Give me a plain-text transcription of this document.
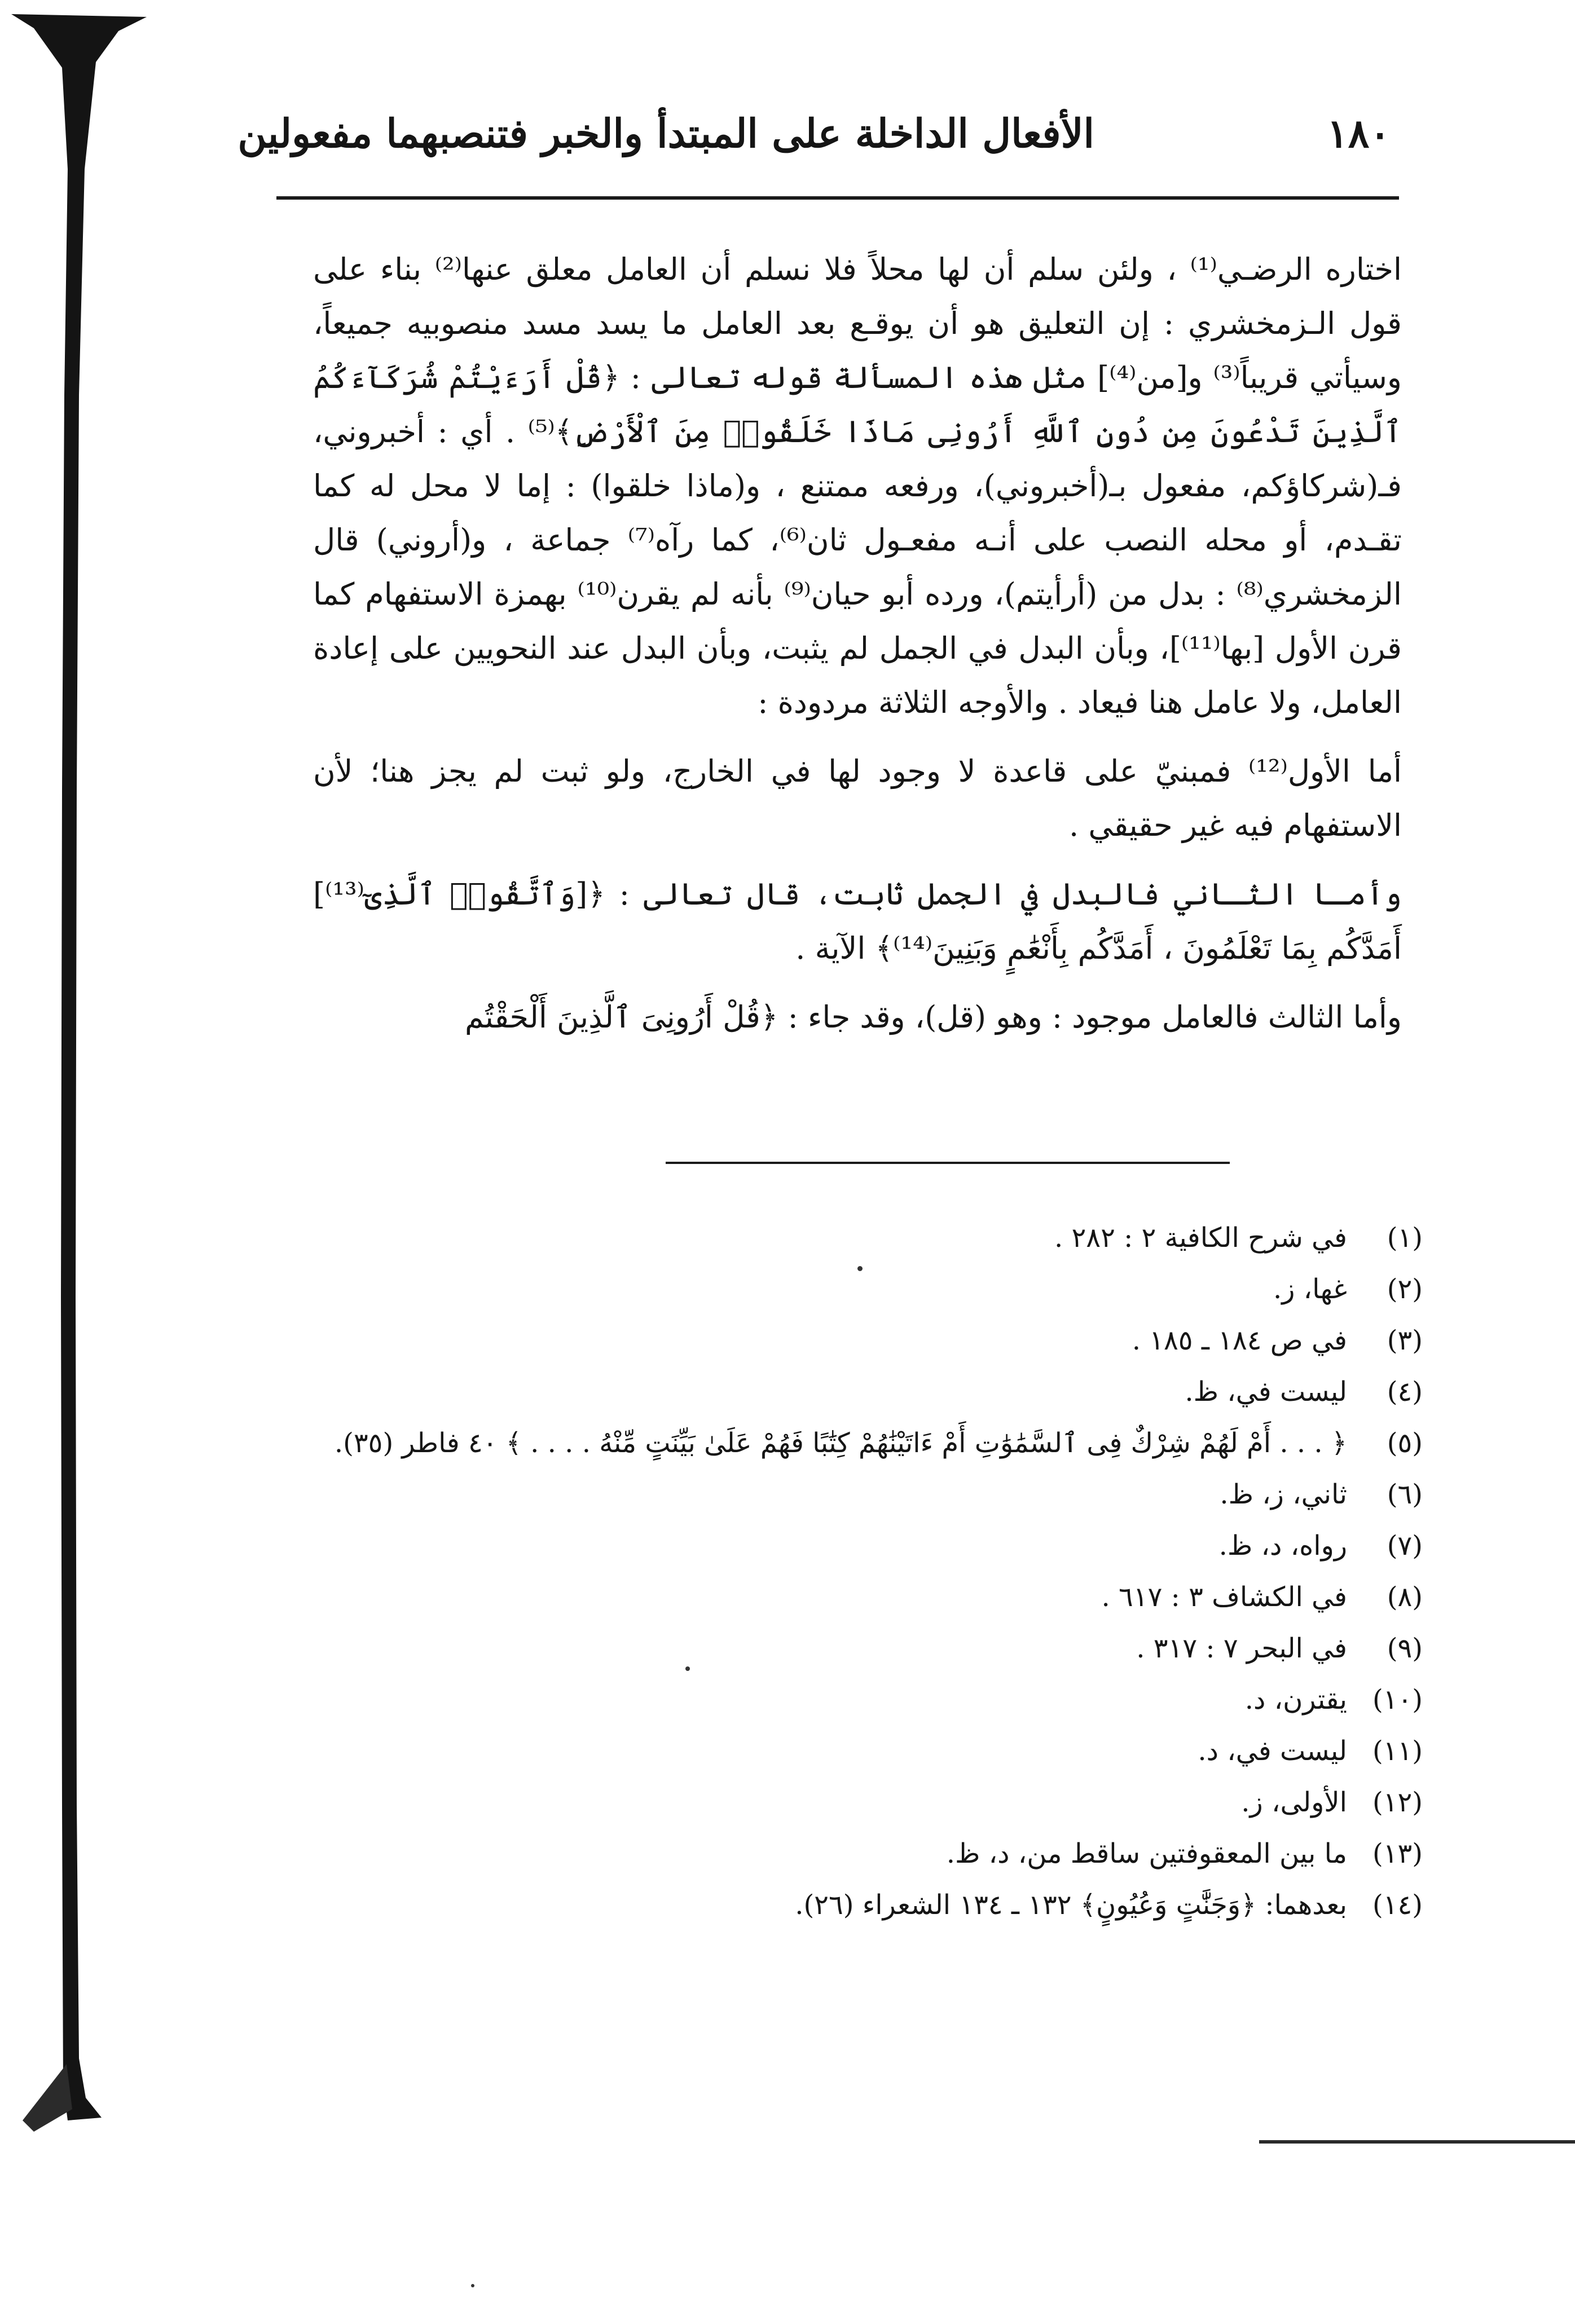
١٨٠
الأفعال الداخلة على المبتدأ والخبر فتنصبهما مفعولين

اختاره الرضـي⁽¹⁾ ، ولئن سلم أن لها محلاً فلا نسلم أن العامل معلق عنها⁽²⁾ بناء على قول الـزمخشري : إن التعليق هو أن يوقـع بعد العامل ما يسد مسد منصوبيه جميعاً، وسيأتي قريباً⁽³⁾ و[من⁽⁴⁾] مثل هذه المسألة قوله تعالى : ﴿قُلْ أَرَءَيْتُمْ شُرَكَآءَكُمُ ٱلَّذِينَ تَدْعُونَ مِن دُونِ ٱللَّهِ أَرُونِى مَاذَا خَلَقُوا۟ مِنَ ٱلْأَرْضِ﴾⁽⁵⁾ . أي : أخبروني، فـ(شركاؤكم، مفعول بـ(أخبروني)، ورفعه ممتنع ، و(ماذا خلقوا) : إما لا محل له كما تقـدم، أو محله النصب على أنـه مفعـول ثان⁽⁶⁾، كما رآه⁽⁷⁾ جماعة ، و(أروني) قال الزمخشري⁽⁸⁾ : بدل من (أرأيتم)، ورده أبو حيان⁽⁹⁾ بأنه لم يقرن⁽¹⁰⁾ بهمزة الاستفهام كما قرن الأول [بها⁽¹¹⁾]، وبأن البدل في الجمل لم يثبت، وبأن البدل عند النحويين على إعادة العامل، ولا عامل هنا فيعاد . والأوجه الثلاثة مردودة :

أما الأول⁽¹²⁾ فمبنيّ على قاعدة لا وجود لها في الخارج، ولو ثبت لم يجز هنا؛ لأن الاستفهام فيه غير حقيقي .

وأمـا الثـاني فالبدل في الجمل ثابت، قال تعالى : ﴿[وَٱتَّقُوا۟ ٱلَّذِىٓ⁽¹³⁾] أَمَدَّكُم بِمَا تَعْلَمُونَ ، أَمَدَّكُم بِأَنْعَٰمٍ وَبَنِينَ⁽¹⁴⁾﴾ الآية .

وأما الثالث فالعامل موجود : وهو (قل)، وقد جاء : ﴿قُلْ أَرُونِىَ ٱلَّذِينَ أَلْحَقْتُم

(١)في شرح الكافية ٢ : ٢٨٢ .
(٢)غها، ز.
(٣)في ص ١٨٤ ـ ١٨٥ .
(٤)ليست في، ظ.
(٥)﴿ . . . أَمْ لَهُمْ شِرْكٌ فِى ٱلسَّمَٰوَٰتِ أَمْ ءَاتَيْنَٰهُمْ كِتَٰبًا فَهُمْ عَلَىٰ بَيِّنَتٍ مِّنْهُ . . . . ﴾ ٤٠ فاطر (٣٥).
(٦)ثاني، ز، ظ.
(٧)رواه، د، ظ.
(٨)في الكشاف ٣ : ٦١٧ .
(٩)في البحر ٧ : ٣١٧ .
(١٠)يقترن، د.
(١١)ليست في، د.
(١٢)الأولى، ز.
(١٣)ما بين المعقوفتين ساقط من، د، ظ.
(١٤)بعدهما: ﴿وَجَنَّٰتٍ وَعُيُونٍ﴾ ١٣٢ ـ ١٣٤ الشعراء (٢٦).
